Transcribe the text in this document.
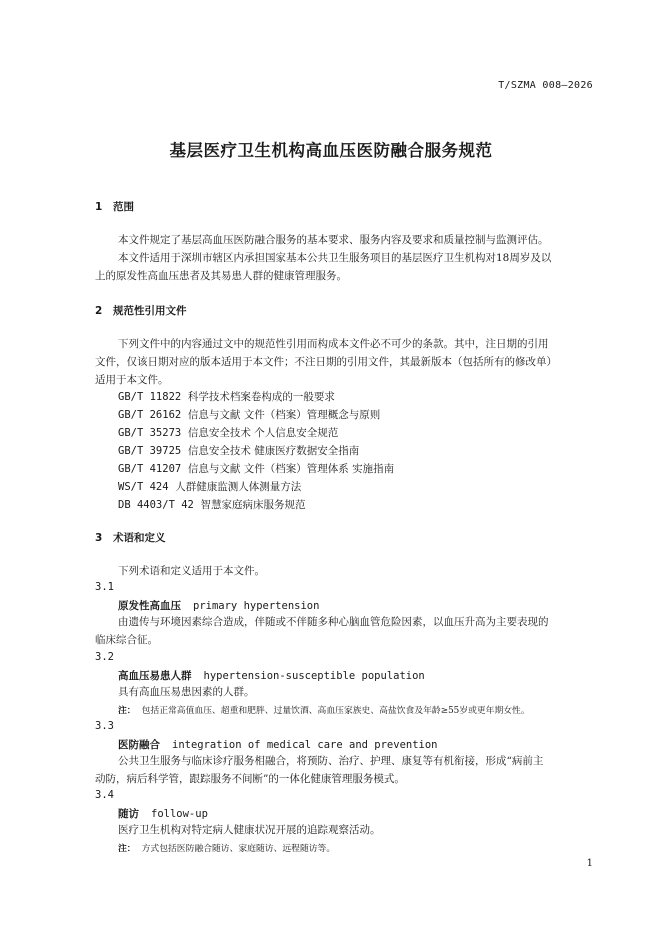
T/SZMA 008—2026
基层医疗卫生机构高血压医防融合服务规范
1 范围
本文件规定了基层高血压医防融合服务的基本要求、服务内容及要求和质量控制与监测评估。
本文件适用于深圳市辖区内承担国家基本公共卫生服务项目的基层医疗卫生机构对18周岁及以
上的原发性高血压患者及其易患人群的健康管理服务。
2 规范性引用文件
下列文件中的内容通过文中的规范性引用而构成本文件必不可少的条款。其中，注日期的引用
文件，仅该日期对应的版本适用于本文件；不注日期的引用文件，其最新版本（包括所有的修改单）
适用于本文件。
GB/T 11822 科学技术档案卷构成的一般要求
GB/T 26162 信息与文献 文件（档案）管理概念与原则
GB/T 35273 信息安全技术 个人信息安全规范
GB/T 39725 信息安全技术 健康医疗数据安全指南
GB/T 41207 信息与文献 文件（档案）管理体系 实施指南
WS/T 424 人群健康监测人体测量方法
DB 4403/T 42 智慧家庭病床服务规范
3 术语和定义
下列术语和定义适用于本文件。
3.1
原发性高血压 primary hypertension
由遗传与环境因素综合造成，伴随或不伴随多种心脑血管危险因素，以血压升高为主要表现的
临床综合征。
3.2
高血压易患人群 hypertension-susceptible population
具有高血压易患因素的人群。
注： 包括正常高值血压、超重和肥胖、过量饮酒、高血压家族史、高盐饮食及年龄≥55岁或更年期女性。
3.3
医防融合 integration of medical care and prevention
公共卫生服务与临床诊疗服务相融合，将预防、治疗、护理、康复等有机衔接，形成“病前主
动防，病后科学管，跟踪服务不间断”的一体化健康管理服务模式。
3.4
随访 follow-up
医疗卫生机构对特定病人健康状况开展的追踪观察活动。
注： 方式包括医防融合随访、家庭随访、远程随访等。
1
